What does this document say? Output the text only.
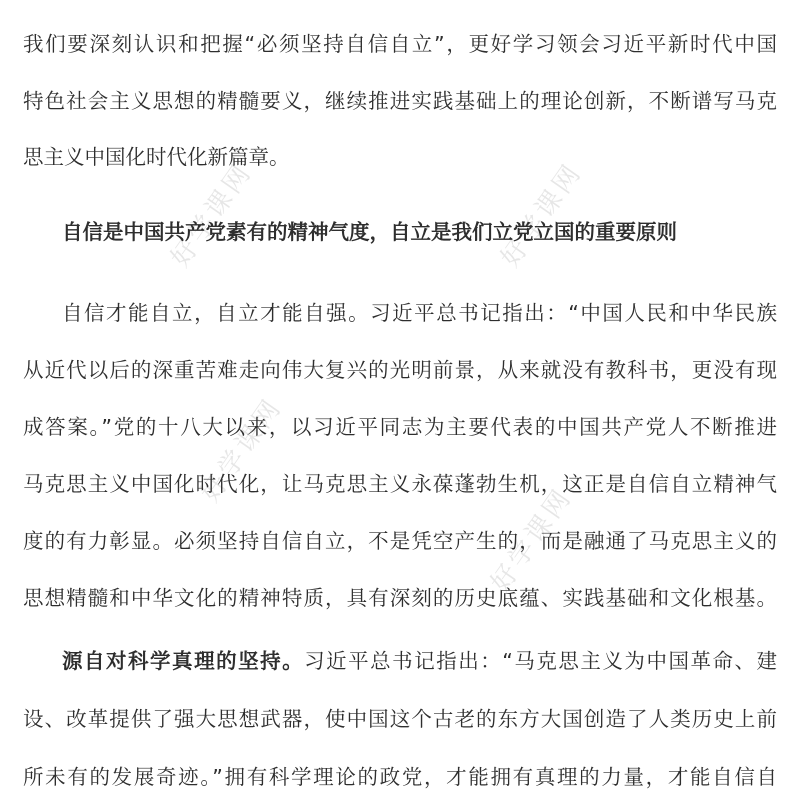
好学课网	好学课网
好学课网
好学课网
我们要深刻认识和把握“必须坚持自信自立”，更好学习领会习近平新时代中国
特色社会主义思想的精髓要义，继续推进实践基础上的理论创新，不断谱写马克
思主义中国化时代化新篇章。
自信是中国共产党素有的精神气度，自立是我们立党立国的重要原则
自信才能自立，自立才能自强。习近平总书记指出：“中国人民和中华民族
从近代以后的深重苦难走向伟大复兴的光明前景，从来就没有教科书，更没有现
成答案。”党的十八大以来，以习近平同志为主要代表的中国共产党人不断推进
马克思主义中国化时代化，让马克思主义永葆蓬勃生机，这正是自信自立精神气
度的有力彰显。必须坚持自信自立，不是凭空产生的，而是融通了马克思主义的
思想精髓和中华文化的精神特质，具有深刻的历史底蕴、实践基础和文化根基。
源自对科学真理的坚持。习近平总书记指出：“马克思主义为中国革命、建
设、改革提供了强大思想武器，使中国这个古老的东方大国创造了人类历史上前
所未有的发展奇迹。”拥有科学理论的政党，才能拥有真理的力量，才能自信自
